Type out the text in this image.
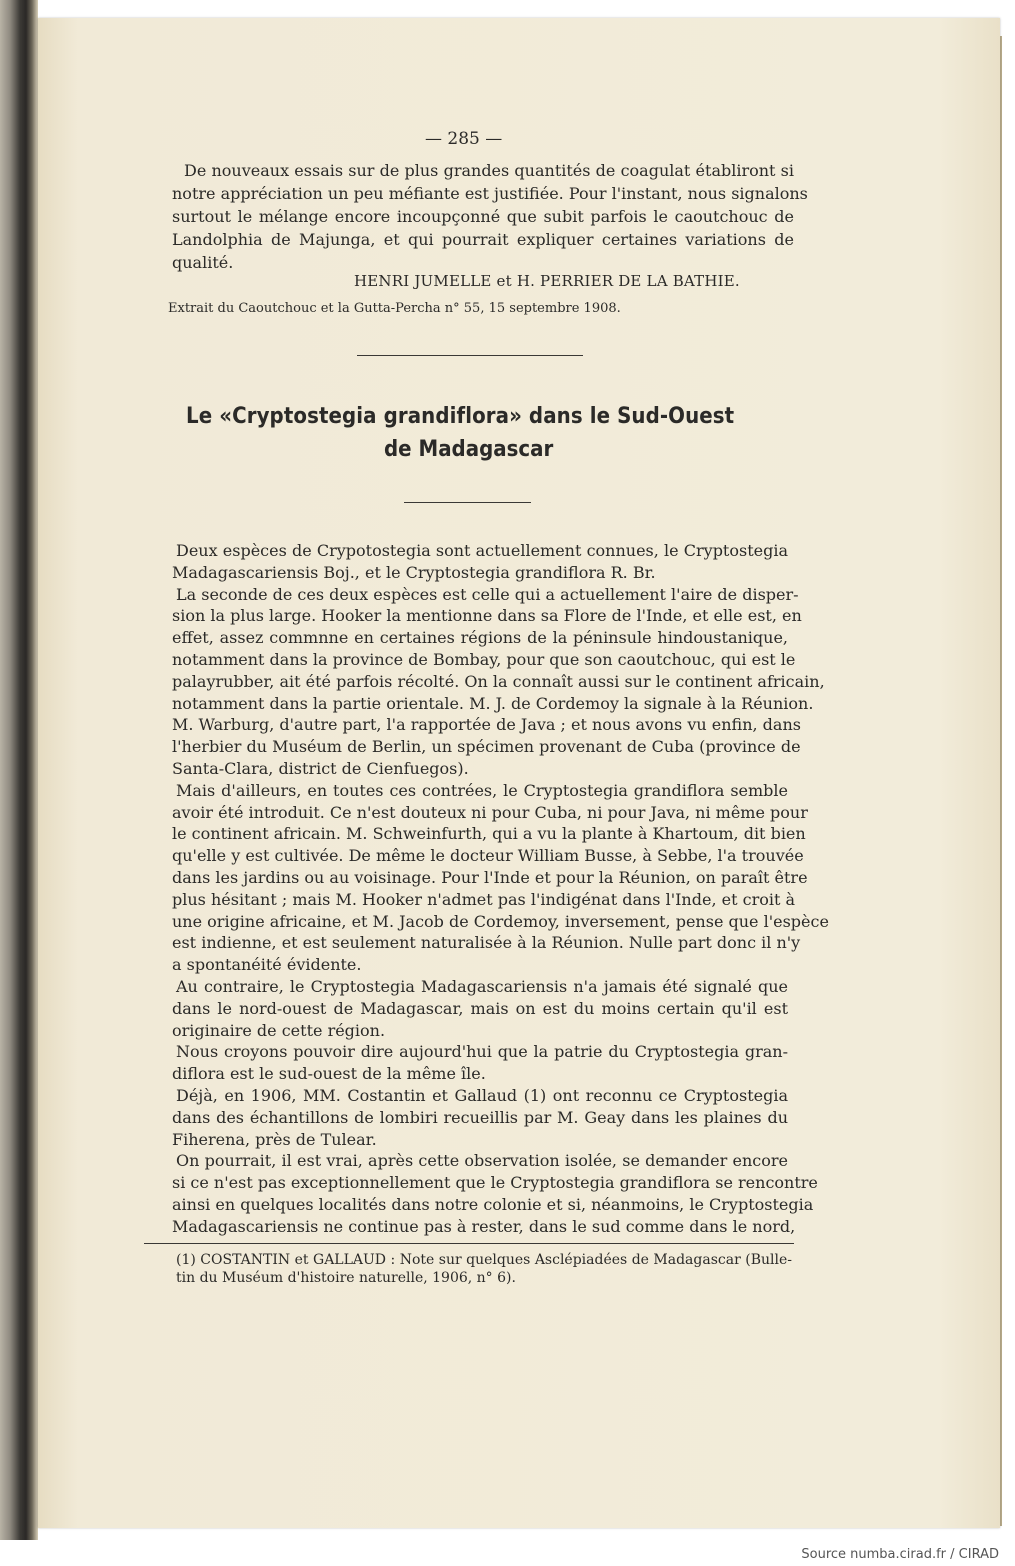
— 285 —
De nouveaux essais sur de plus grandes quantités de coagulat établiront si
notre appréciation un peu méfiante est justifiée. Pour l'instant, nous signalons
surtout le mélange encore incoupçonné que subit parfois le caoutchouc de
Landolphia de Majunga, et qui pourrait expliquer certaines variations de
qualité.
HENRI JUMELLE et H. PERRIER DE LA BATHIE.
Extrait du Caoutchouc et la Gutta-Percha n° 55, 15 septembre 1908.
Le «Cryptostegia grandiflora» dans le Sud-Ouest
de Madagascar
(1) COSTANTIN et GALLAUD : Note sur quelques Asclépiadées de Madagascar (Bulle-
tin du Muséum d'histoire naturelle, 1906, n° 6).
Deux espèces de Crypotostegia sont actuellement connues, le Cryptostegia
Madagascariensis Boj., et le Cryptostegia grandiflora R. Br.
La seconde de ces deux espèces est celle qui a actuellement l'aire de disper-
sion la plus large. Hooker la mentionne dans sa Flore de l'Inde, et elle est, en
effet, assez commnne en certaines régions de la péninsule hindoustanique,
notamment dans la province de Bombay, pour que son caoutchouc, qui est le
palayrubber, ait été parfois récolté. On la connaît aussi sur le continent africain,
notamment dans la partie orientale. M. J. de Cordemoy la signale à la Réunion.
M. Warburg, d'autre part, l'a rapportée de Java ; et nous avons vu enfin, dans
l'herbier du Muséum de Berlin, un spécimen provenant de Cuba (province de
Santa-Clara, district de Cienfuegos).
Mais d'ailleurs, en toutes ces contrées, le Cryptostegia grandiflora semble
avoir été introduit. Ce n'est douteux ni pour Cuba, ni pour Java, ni même pour
le continent africain. M. Schweinfurth, qui a vu la plante à Khartoum, dit bien
qu'elle y est cultivée. De même le docteur William Busse, à Sebbe, l'a trouvée
dans les jardins ou au voisinage. Pour l'Inde et pour la Réunion, on paraît être
plus hésitant ; mais M. Hooker n'admet pas l'indigénat dans l'Inde, et croit à
une origine africaine, et M. Jacob de Cordemoy, inversement, pense que l'espèce
est indienne, et est seulement naturalisée à la Réunion. Nulle part donc il n'y
a spontanéité évidente.
Au contraire, le Cryptostegia Madagascariensis n'a jamais été signalé que
dans le nord-ouest de Madagascar, mais on est du moins certain qu'il est
originaire de cette région.
Nous croyons pouvoir dire aujourd'hui que la patrie du Cryptostegia gran-
diflora est le sud-ouest de la même île.
Déjà, en 1906, MM. Costantin et Gallaud (1) ont reconnu ce Cryptostegia
dans des échantillons de lombiri recueillis par M. Geay dans les plaines du
Fiherena, près de Tulear.
On pourrait, il est vrai, après cette observation isolée, se demander encore
si ce n'est pas exceptionnellement que le Cryptostegia grandiflora se rencontre
ainsi en quelques localités dans notre colonie et si, néanmoins, le Cryptostegia
Madagascariensis ne continue pas à rester, dans le sud comme dans le nord,
Source numba.cirad.fr / CIRAD
